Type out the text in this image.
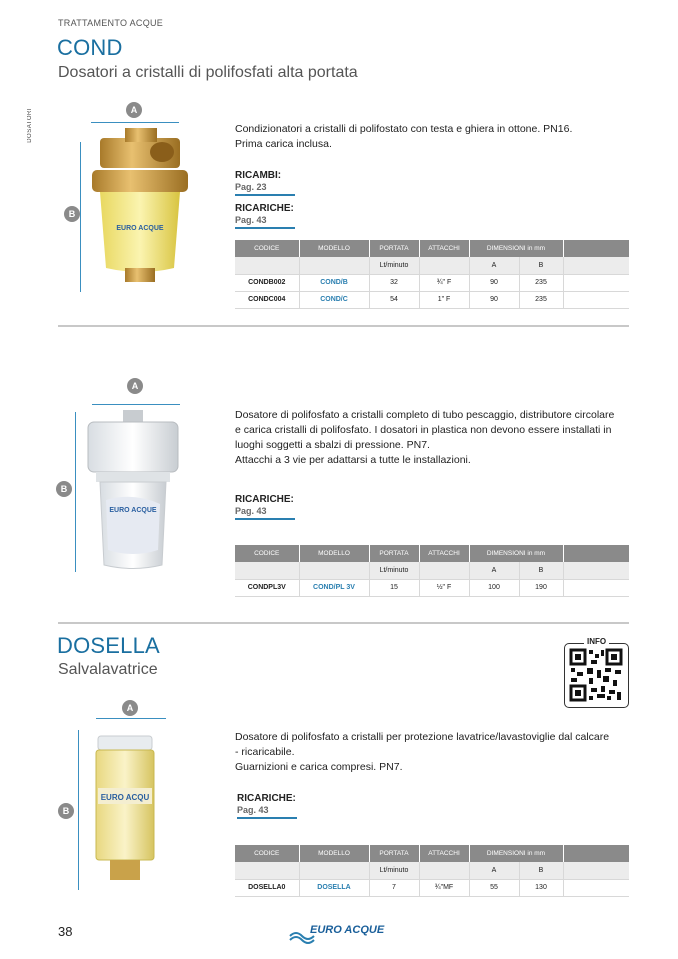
TRATTAMENTO ACQUE
DOSATORI
COND
Dosatori a cristalli di polifosfati alta portata
EURO ACQUE
A
B
Condizionatori a cristalli di polifostato con testa e ghiera in ottone. PN16.
Prima carica inclusa.
RICAMBI:
Pag. 23
RICARICHE:
Pag. 43
CODICE	MODELLO	PORTATA	ATTACCHI	DIMENSIONI in mm		
		Lt/minuto		A	B	
CONDB002	COND/B	32	¾" F	90	235	
CONDC004	COND/C	54	1" F	90	235	
EURO ACQUE
A
B
Dosatore di polifosfato a cristalli completo di tubo pescaggio, distributore circolare
e carica cristalli di polifosfato. I dosatori in plastica non devono essere installati in
luoghi soggetti a sbalzi di pressione. PN7.
Attacchi a 3 vie per adattarsi a tutte le installazioni.
RICARICHE:
Pag. 43
CODICE	MODELLO	PORTATA	ATTACCHI	DIMENSIONI in mm		
		Lt/minuto		A	B	
CONDPL3V	COND/PL 3V	15	½" F	100	190	
DOSELLA
Salvalavatrice
INFO
EURO ACQU
A
B
Dosatore di polifosfato a cristalli per protezione lavatrice/lavastoviglie dal calcare
- ricaricabile.
Guarnizioni e carica compresi. PN7.
RICARICHE:
Pag. 43
CODICE	MODELLO	PORTATA	ATTACCHI	DIMENSIONI in mm		
		Lt/minuto		A	B	
DOSELLA0	DOSELLA	7	¾"MF	55	130	
38	EURO ACQUE
